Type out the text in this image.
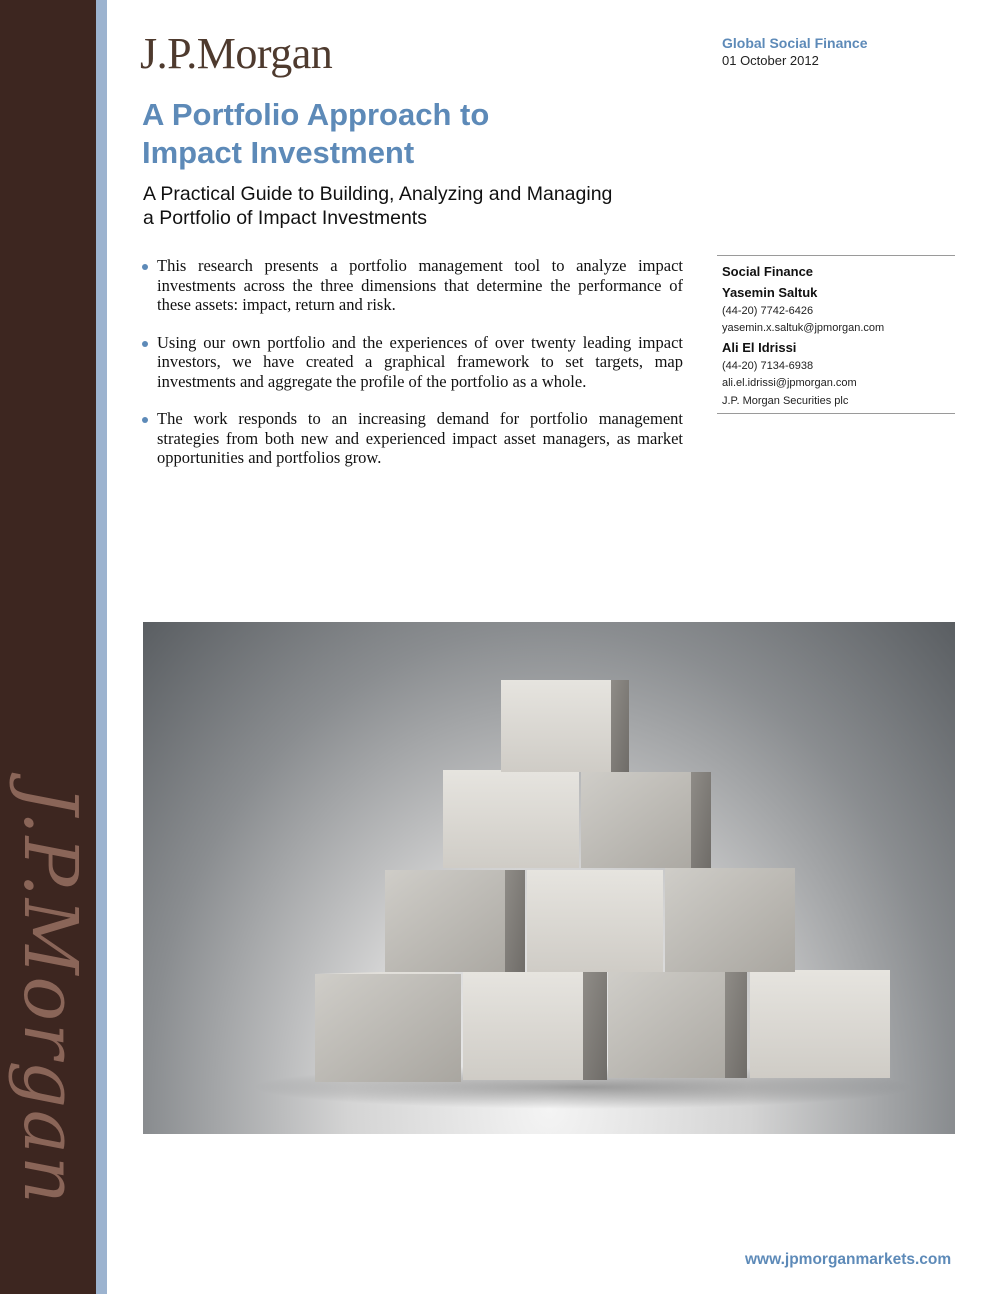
J.P.Morgan
J.P.Morgan	Global Social Finance
01 October 2012
A Portfolio Approach to
Impact Investment
A Practical Guide to Building, Analyzing and Managing
a Portfolio of Impact Investments
This research presents a portfolio management tool to analyze impact investments across the three dimensions that determine the performance of these assets: impact, return and risk.
Using our own portfolio and the experiences of over twenty leading impact investors, we have created a graphical framework to set targets, map investments and aggregate the profile of the portfolio as a whole.
The work responds to an increasing demand for portfolio management strategies from both new and experienced impact asset managers, as market opportunities and portfolios grow.
Social Finance
Yasemin Saltuk
(44-20) 7742-6426
yasemin.x.saltuk@jpmorgan.com
Ali El Idrissi
(44-20) 7134-6938
ali.el.idrissi@jpmorgan.com
J.P. Morgan Securities plc
www.jpmorganmarkets.com
